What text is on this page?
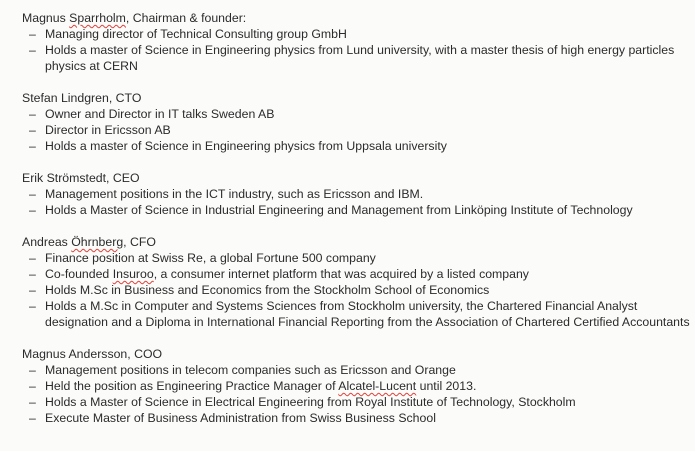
Magnus Sparrholm, Chairman & founder:
– Managing director of Technical Consulting group GmbH
– Holds a master of Science in Engineering physics from Lund university, with a master thesis of high energy particles physics at CERN
Stefan Lindgren, CTO
– Owner and Director in IT talks Sweden AB
– Director in Ericsson AB
– Holds a master of Science in Engineering physics from Uppsala university
Erik Strömstedt, CEO
– Management positions in the ICT industry, such as Ericsson and IBM.
– Holds a Master of Science in Industrial Engineering and Management from Linköping Institute of Technology
Andreas Öhrnberg, CFO
– Finance position at Swiss Re, a global Fortune 500 company
– Co-founded Insuroo, a consumer internet platform that was acquired by a listed company
– Holds M.Sc in Business and Economics from the Stockholm School of Economics
– Holds a M.Sc in Computer and Systems Sciences from Stockholm university, the Chartered Financial Analyst designation and a Diploma in International Financial Reporting from the Association of Chartered Certified Accountants
Magnus Andersson, COO
– Management positions in telecom companies such as Ericsson and Orange
– Held the position as Engineering Practice Manager of Alcatel-Lucent until 2013.
– Holds a Master of Science in Electrical Engineering from Royal Institute of Technology, Stockholm
– Execute Master of Business Administration from Swiss Business School
